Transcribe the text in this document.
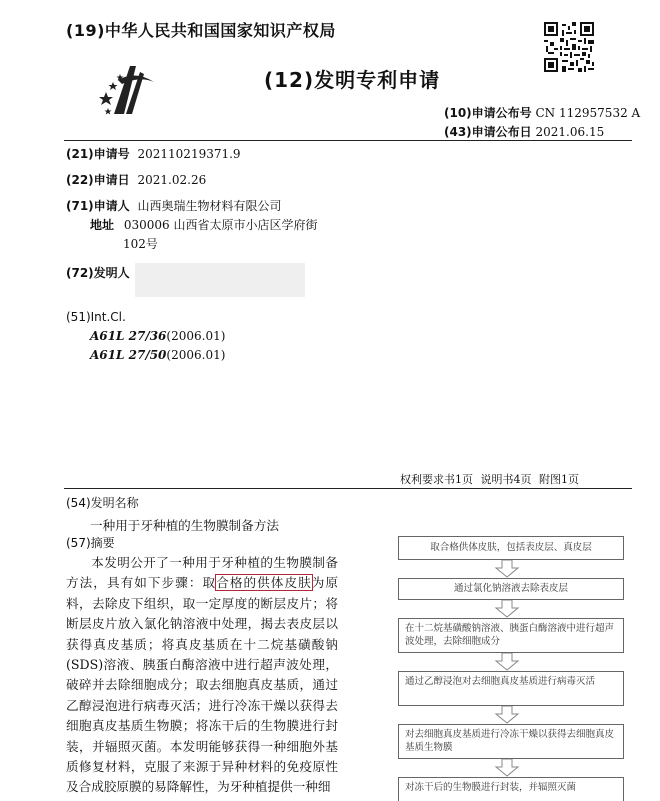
(19)中华人民共和国国家知识产权局
(12)发明专利申请
(10)申请公布号 CN 112957532 A
(43)申请公布日 2021.06.15
(21)申请号 202110219371.9
(22)申请日 2021.02.26
(71)申请人 山西奥瑞生物材料有限公司
地址 030006 山西省太原市小店区学府街
102号
(72)发明人
(51)Int.Cl.
A61L 27/36(2006.01)
A61L 27/50(2006.01)
权利要求书1页 说明书4页 附图1页
(54)发明名称
一种用于牙种植的生物膜制备方法
(57)摘要

本发明公开了一种用于牙种植的生物膜制备方法，具有如下步骤：取合格的供体皮肤为原料，去除皮下组织，取一定厚度的断层皮片；将断层皮片放入氯化钠溶液中处理，揭去表皮层以获得真皮基质；将真皮基质在十二烷基磺酸钠(SDS)溶液、胰蛋白酶溶液中进行超声波处理，破碎并去除细胞成分；取去细胞真皮基质，通过乙醇浸泡进行病毒灭活；进行冷冻干燥以获得去细胞真皮基质生物膜；将冻干后的生物膜进行封装，并辐照灭菌。本发明能够获得一种细胞外基质修复材料，克服了来源于异种材料的免疫原性及合成胶原膜的易降解性，为牙种植提供一种细

取合格供体皮肤，包括表皮层、真皮层
通过氯化钠溶液去除表皮层
在十二烷基磺酸钠溶液、胰蛋白酶溶液中进行超声波处理，去除细胞成分
通过乙醇浸泡对去细胞真皮基质进行病毒灭活
对去细胞真皮基质进行冷冻干燥以获得去细胞真皮基质生物膜
对冻干后的生物膜进行封装，并辐照灭菌
